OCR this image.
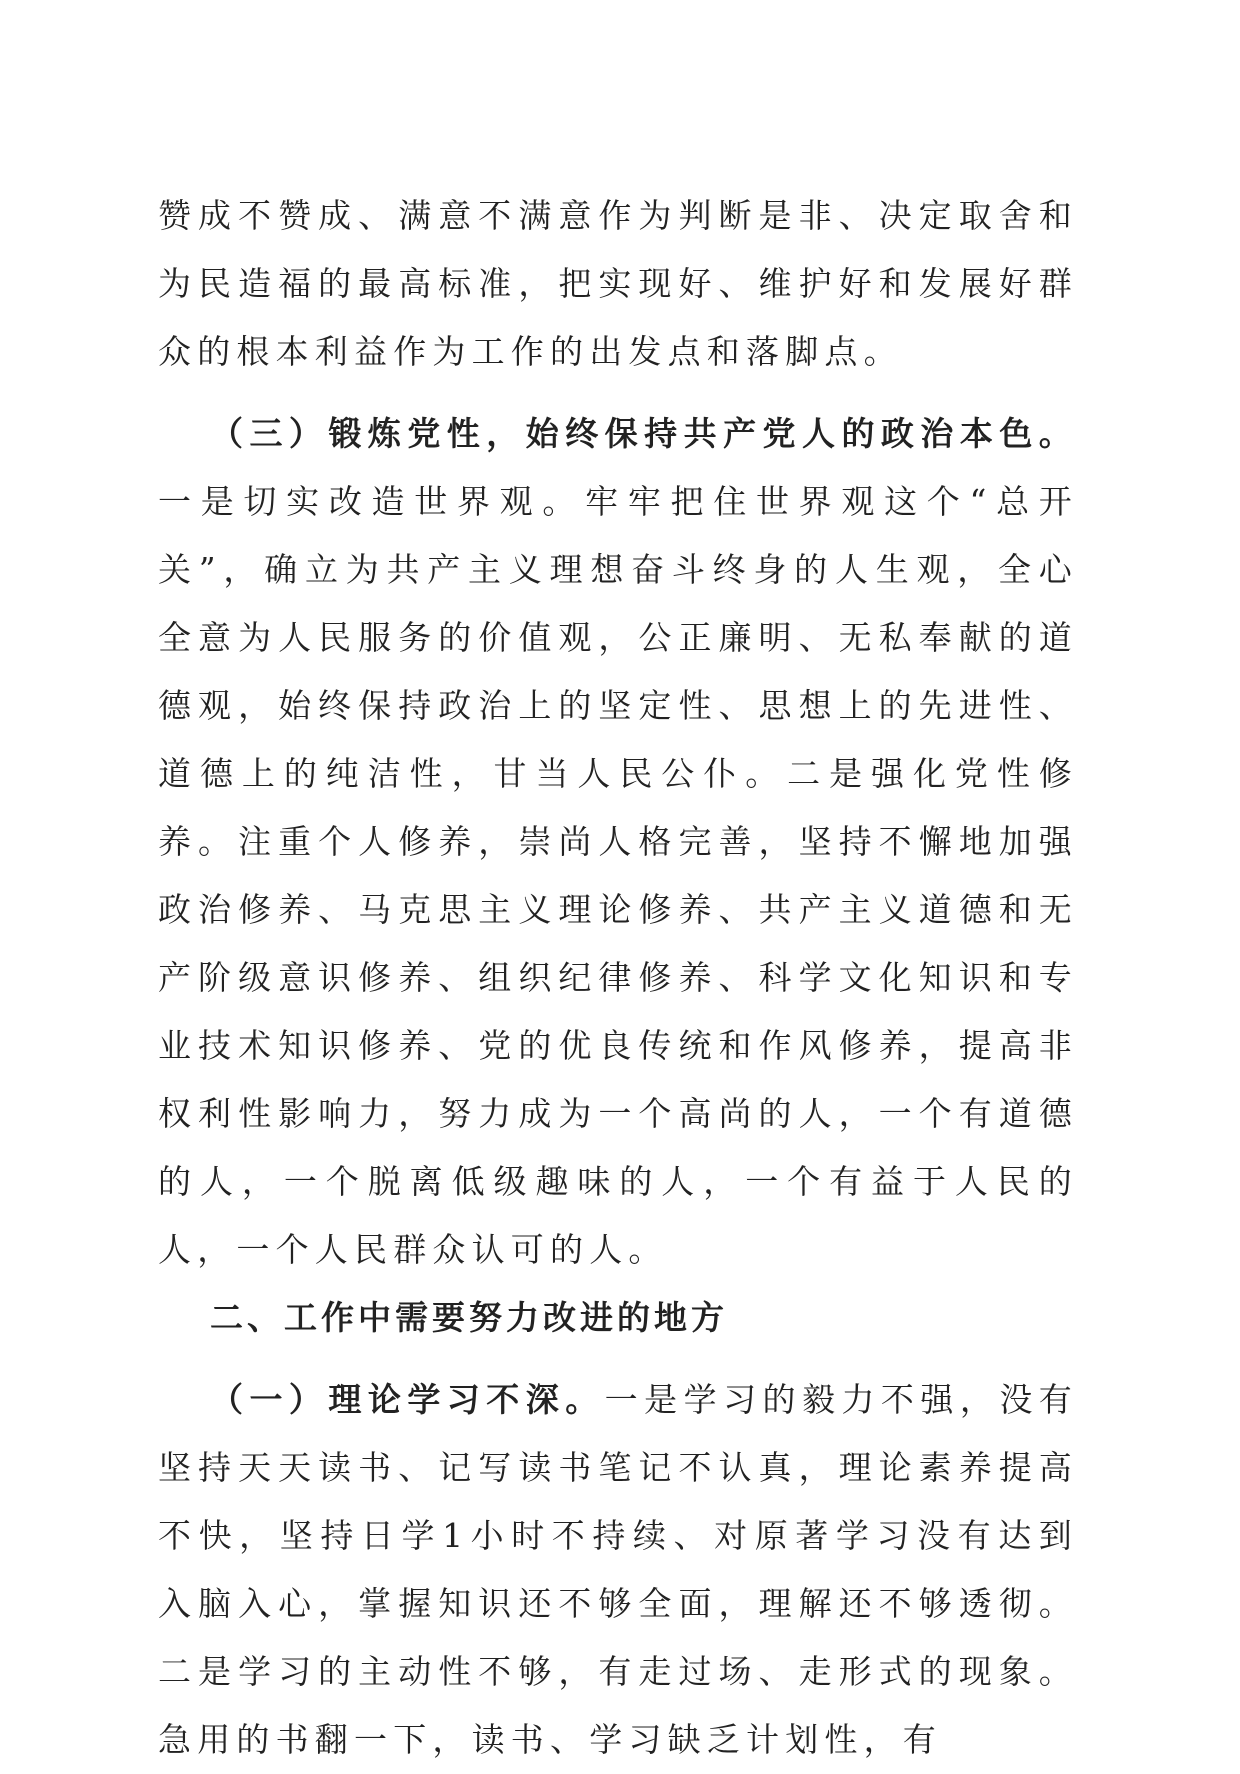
赞成不赞成、满意不满意作为判断是非、决定取舍和为民造福的最高标准，把实现好、维护好和发展好群众的根本利益作为工作的出发点和落脚点。

（三）锻炼党性，始终保持共产党人的政治本色。一是切实改造世界观。牢牢把住世界观这个“总开关”，确立为共产主义理想奋斗终身的人生观，全心全意为人民服务的价值观，公正廉明、无私奉献的道德观，始终保持政治上的坚定性、思想上的先进性、道德上的纯洁性，甘当人民公仆。二是强化党性修养。注重个人修养，崇尚人格完善，坚持不懈地加强政治修养、马克思主义理论修养、共产主义道德和无产阶级意识修养、组织纪律修养、科学文化知识和专业技术知识修养、党的优良传统和作风修养，提高非权利性影响力，努力成为一个高尚的人，一个有道德的人，一个脱离低级趣味的人，一个有益于人民的人，一个人民群众认可的人。

二、工作中需要努力改进的地方

（一）理论学习不深。一是学习的毅力不强，没有坚持天天读书、记写读书笔记不认真，理论素养提高不快，坚持日学1小时不持续、对原著学习没有达到入脑入心，掌握知识还不够全面，理解还不够透彻。二是学习的主动性不够，有走过场、走形式的现象。急用的书翻一下，读书、学习缺乏计划性，有
